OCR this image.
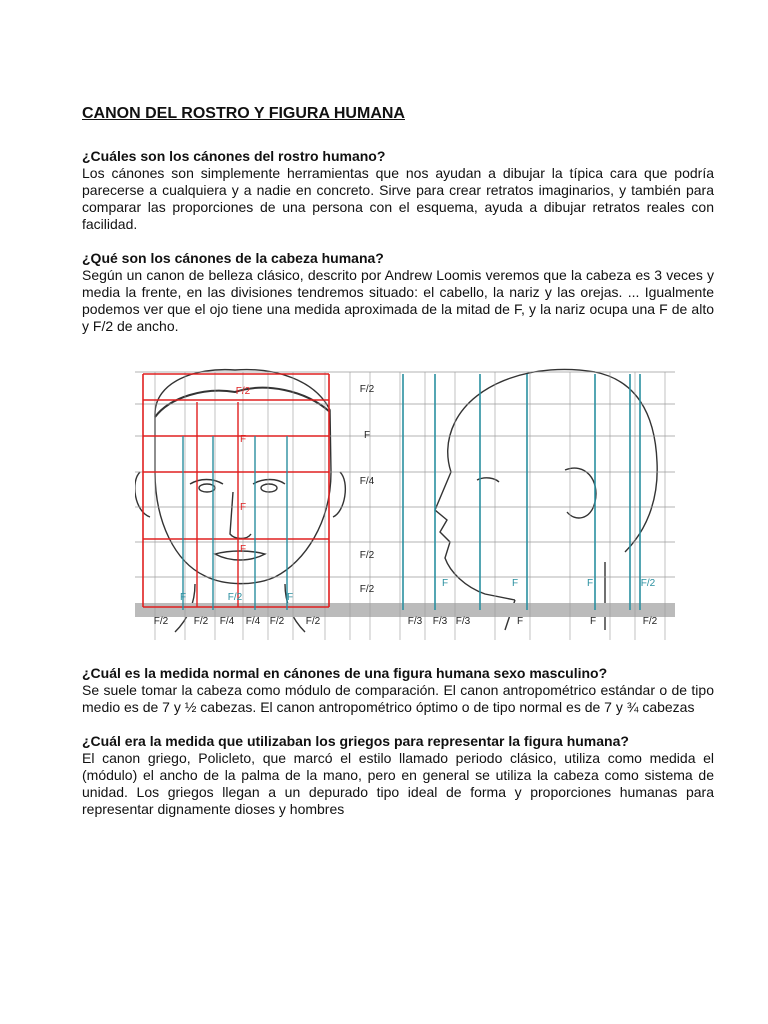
CANON DEL ROSTRO Y FIGURA HUMANA

¿Cuáles son los cánones del rostro humano?

Los cánones son simplemente herramientas que nos ayudan a dibujar la típica cara que podría parecerse a cualquiera y a nadie en concreto. Sirve para crear retratos imaginarios, y también para comparar las proporciones de una persona con el esquema, ayuda a dibujar retratos reales con facilidad.

¿Qué son los cánones de la cabeza humana?

Según un canon de belleza clásico, descrito por Andrew Loomis veremos que la cabeza es 3 veces y media la frente, en las divisiones tendremos situado: el cabello, la nariz y las orejas. ... Igualmente podemos ver que el ojo tiene una medida aproximada de la mitad de F, y la nariz ocupa una F de alto y F/2 de ancho.

F/2
F
F
F
F	F/2	F
F/2
F
F/4
F/2
F/2
F	F	F	F/2
F/2	F/2 F/4 F/4 F/2 F/2	F/3 F/3 F/3	F	F	F/2

¿Cuál es la medida normal en cánones de una figura humana sexo masculino?

Se suele tomar la cabeza como módulo de comparación. El canon antropométrico estándar o de tipo medio es de 7 y ½ cabezas. El canon antropométrico óptimo o de tipo normal es de 7 y ¾ cabezas

¿Cuál era la medida que utilizaban los griegos para representar la figura humana?

El canon griego, Policleto, que marcó el estilo llamado periodo clásico, utiliza como medida el (módulo) el ancho de la palma de la mano, pero en general se utiliza la cabeza como sistema de unidad. Los griegos llegan a un depurado tipo ideal de forma y proporciones humanas para representar dignamente dioses y hombres
